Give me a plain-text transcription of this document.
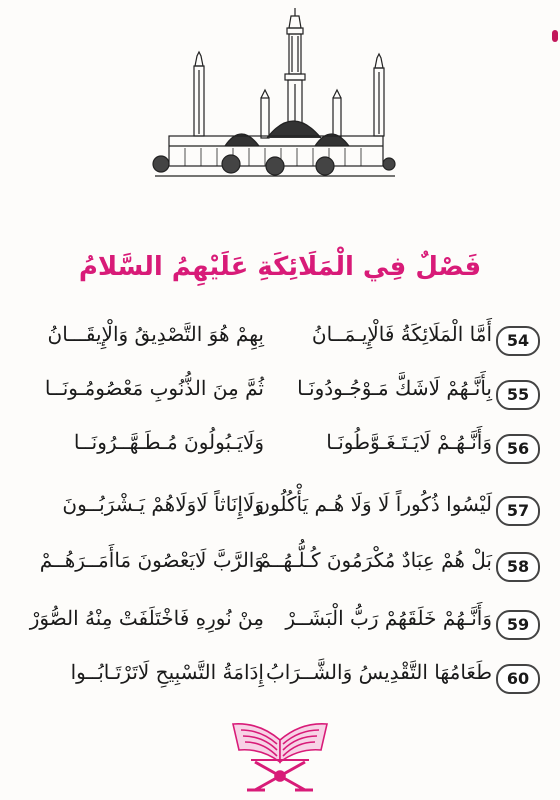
فَصْلٌ فِي الْمَلَائِكَةِ عَلَيْهِمُ السَّلامُ
54
أَمَّا الْمَلَائِكَةُ فَالْإِيـمَــانُ
بِهِمْ هُوَ التَّصْدِيقُ وَالْإِيقَـــانُ
55
بِأَنَّـهُمْ لَاشَكَّ مَـوْجُـودُونَـا
ثُمَّ مِنَ الذُّنُوبِ مَعْصُومُـونَــا
56
وَأَنَّـهُـمْ لَايَـتَـغَـوَّطُونَـا
وَلَايَـبُولُونَ مُـطَـهَّــرُونَــا
57
لَيْسُوا ذُكُوراً لَا وَلَا هُـم يَأْكُلُون
وَلَاإِنَاثاً لَاوَلَاهُمْ يَـشْرَبُــونَ
58
بَلْ هُمْ عِبَادٌ مُكْرَمُونَ كُـلُّـهُــمْ
وَالرَّبَّ لَايَعْصُونَ مَاأَمَــرَهُــمْ
59
وَأَنَّـهُمْ خَلَقَهُمْ رَبُّ الْبَشَــرْ
مِنْ نُورِهِ فَاخْتَلَفَتْ مِنْهُ الصُّوَرْ
60
طَعَامُهَا التَّقْدِيسُ وَالشَّــرَابُ
إِدَامَةُ التَّسْبِيحِ لَاتَرْتَـابُــوا
